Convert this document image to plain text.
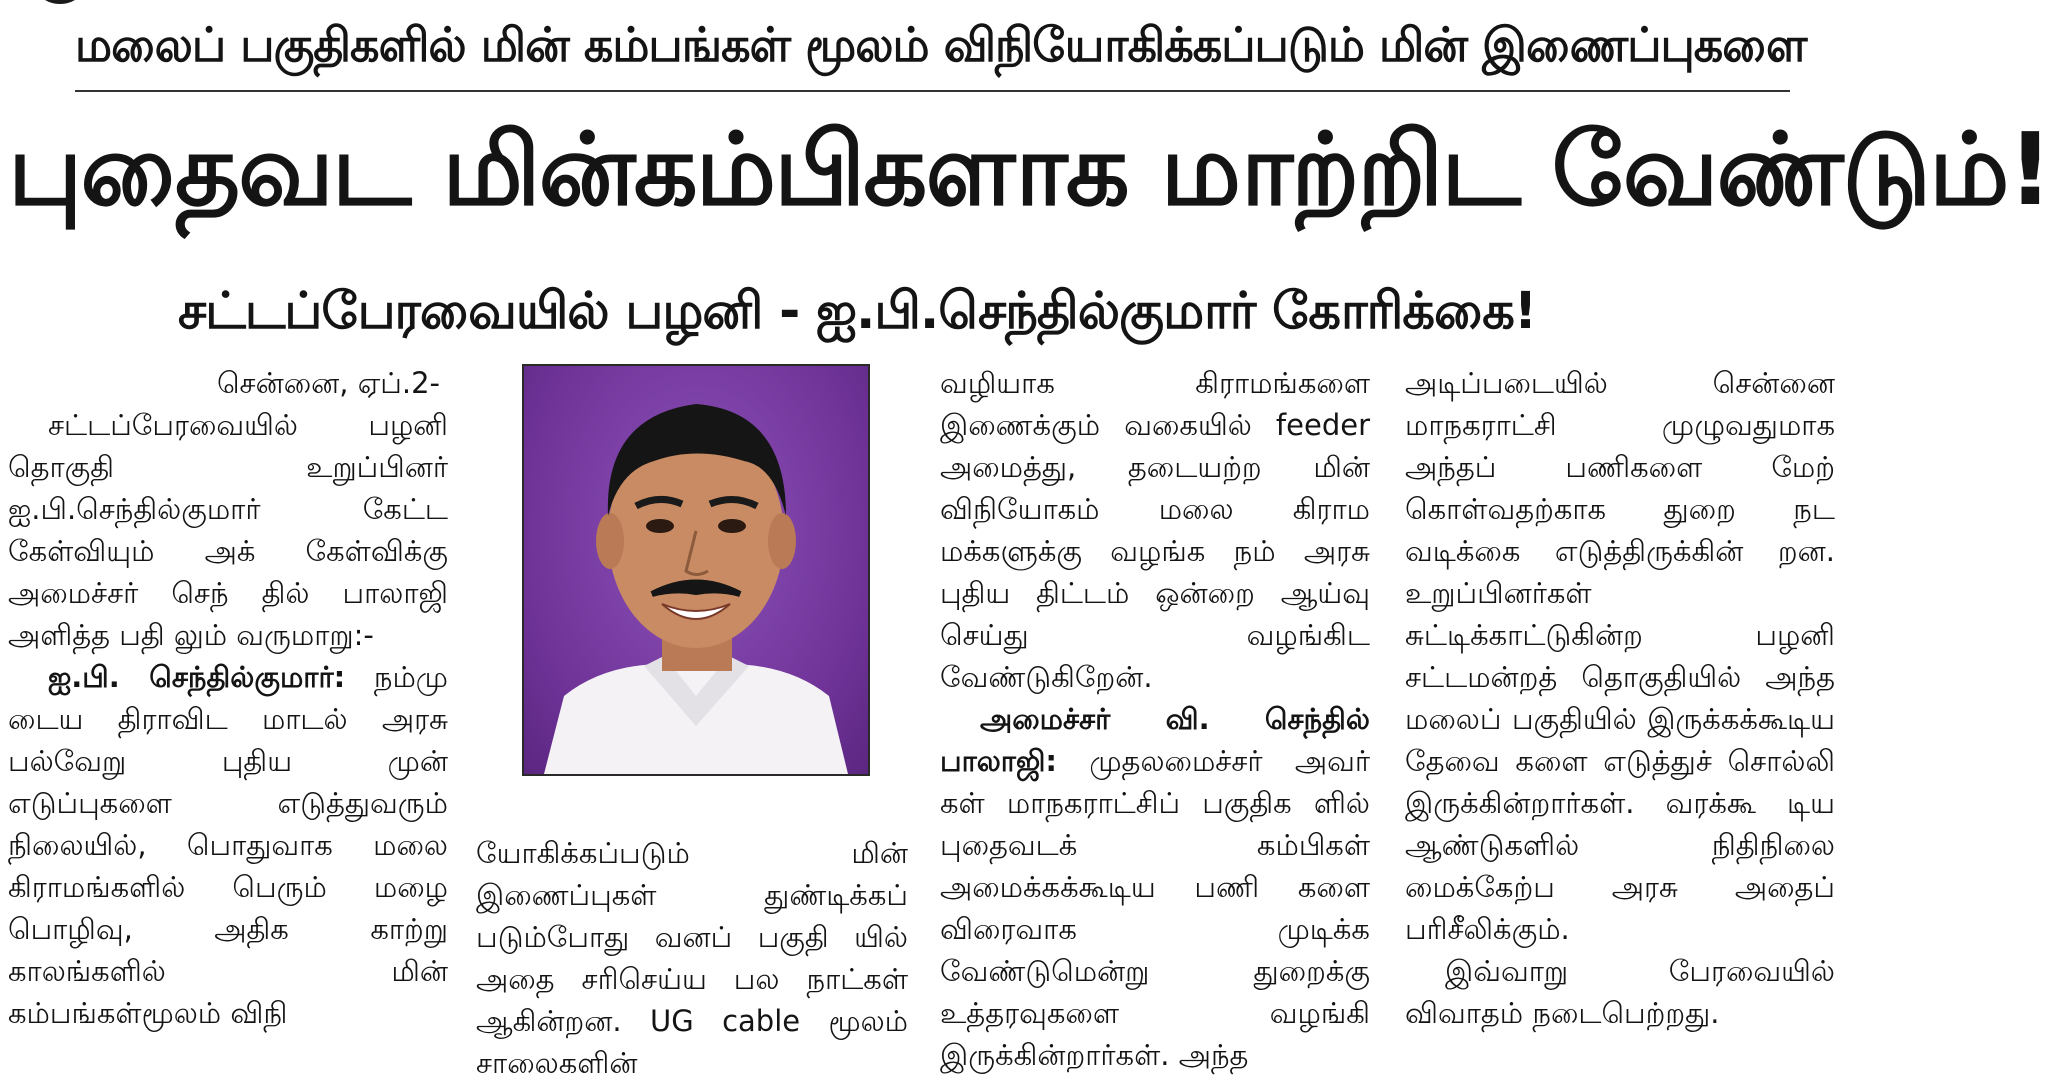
மலைப் பகுதிகளில் மின் கம்பங்கள் மூலம் விநியோகிக்கப்படும் மின் இணைப்புகளை
புதைவட மின்கம்பிகளாக மாற்றிட வேண்டும்!
சட்டப்பேரவையில் பழனி - ஐ.பி.செந்தில்குமார் கோரிக்கை!

சென்னை, ஏப்.2-

சட்டப்பேரவையில் பழனி தொகுதி உறுப்பினர் ஐ.பி.செந்தில்குமார் கேட்ட கேள்வியும் அக் கேள்விக்கு அமைச்சர் செந் தில் பாலாஜி அளித்த பதி லும் வருமாறு:-

ஐ.பி. செந்தில்குமார்: நம்மு டைய திராவிட மாடல் அரசு பல்வேறு புதிய முன் எடுப்புகளை எடுத்துவரும் நிலையில், பொதுவாக மலை கிராமங்களில் பெரும் மழை பொழிவு, அதிக காற்று காலங்களில் மின் கம்பங்கள்மூலம் விநி

யோகிக்கப்படும் மின் இணைப்புகள் துண்டிக்கப் படும்போது வனப் பகுதி யில் அதை சரிசெய்ய பல நாட்கள் ஆகின்றன. UG cable மூலம் சாலைகளின்

வழியாக கிராமங்களை இணைக்கும் வகையில் feeder அமைத்து, தடையற்ற மின் விநியோகம் மலை கிராம மக்களுக்கு வழங்க நம் அரசு புதிய திட்டம் ஒன்றை ஆய்வு செய்து வழங்கிட வேண்டுகிறேன்.

அமைச்சர் வி. செந்தில் பாலாஜி: முதலமைச்சர் அவர் கள் மாநகராட்சிப் பகுதிக ளில் புதைவடக் கம்பிகள் அமைக்கக்கூடிய பணி களை விரைவாக முடிக்க வேண்டுமென்று துறைக்கு உத்தரவுகளை வழங்கி இருக்கின்றார்கள். அந்த

அடிப்படையில் சென்னை மாநகராட்சி முழுவதுமாக அந்தப் பணிகளை மேற் கொள்வதற்காக துறை நட வடிக்கை எடுத்திருக்கின் றன. உறுப்பினர்கள் சுட்டிக்காட்டுகின்ற பழனி சட்டமன்றத் தொகுதியில் அந்த மலைப் பகுதியில் இருக்கக்கூடிய தேவை களை எடுத்துச் சொல்லி இருக்கின்றார்கள். வரக்கூ டிய ஆண்டுகளில் நிதிநிலை மைக்கேற்ப அரசு அதைப் பரிசீலிக்கும்.

இவ்வாறு பேரவையில் விவாதம் நடைபெற்றது.
